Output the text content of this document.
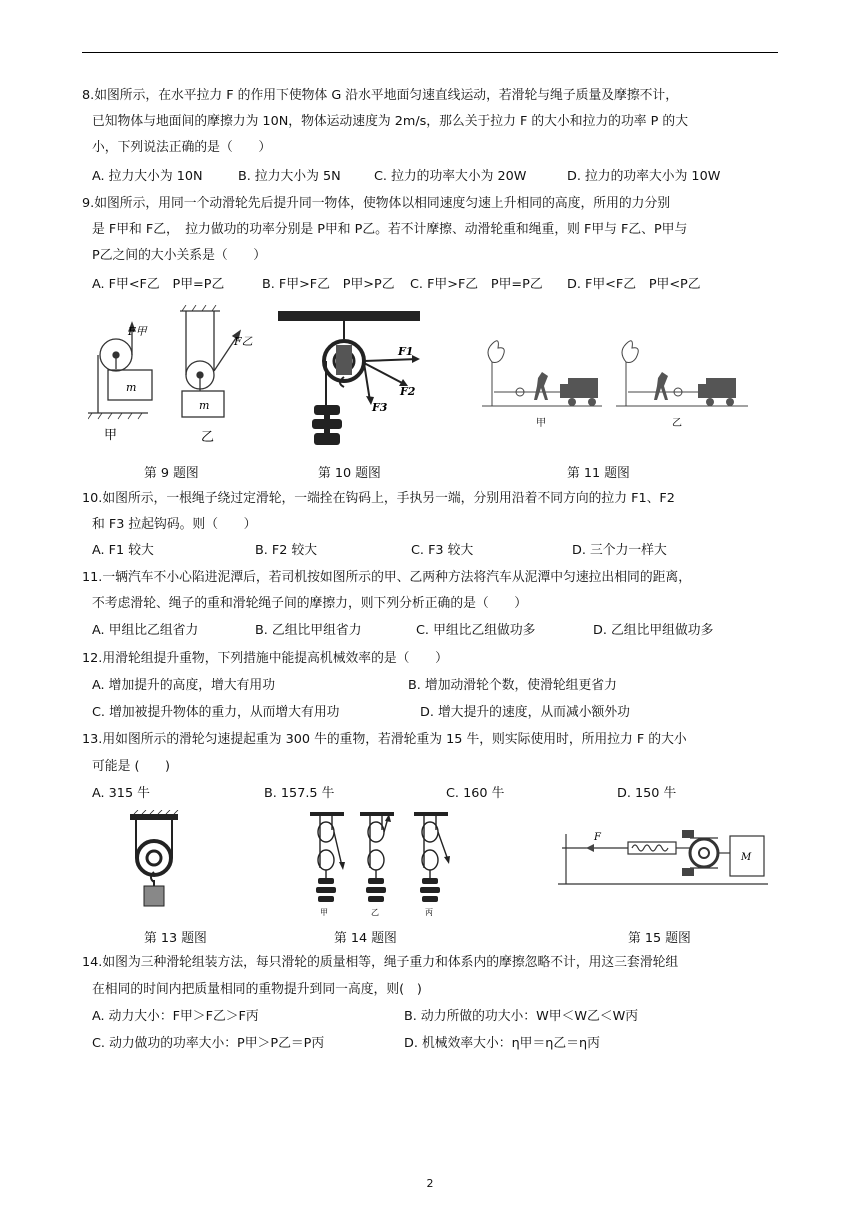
8.如图所示，在水平拉力 F 的作用下使物体 G 沿水平地面匀速直线运动，若滑轮与绳子质量及摩擦不计，
已知物体与地面间的摩擦力为 10N，物体运动速度为 2m/s，那么关于拉力 F 的大小和拉力的功率 P 的大
小，下列说法正确的是（　　）
A. 拉力大小为 10N	B. 拉力大小为 5N	C. 拉力的功率大小为 20W	D. 拉力的功率大小为 10W
9.如图所示，用同一个动滑轮先后提升同一物体，使物体以相同速度匀速上升相同的高度，所用的力分别
是 F甲和 F乙，　拉力做功的功率分别是 P甲和 P乙。若不计摩擦、动滑轮重和绳重，则 F甲与 F乙、P甲与
P乙之间的大小关系是（　　）
A. F甲<F乙　P甲=P乙	B. F甲>F乙　P甲>P乙 C. F甲>F乙　P甲=P乙 D. F甲<F乙　P甲<P乙
F甲
F乙
m
m
甲	乙
F1
F2
F3
甲	乙
第 9 题图	第 10 题图	第 11 题图
10.如图所示，一根绳子绕过定滑轮，一端拴在钩码上，手执另一端，分别用沿着不同方向的拉力 F1、F2
和 F3 拉起钩码。则（　　）
A. F1 较大	B. F2 较大	C. F3 较大	D. 三个力一样大
11.一辆汽车不小心陷进泥潭后，若司机按如图所示的甲、乙两种方法将汽车从泥潭中匀速拉出相同的距离，
不考虑滑轮、绳子的重和滑轮绳子间的摩擦力，则下列分析正确的是（　　）
A. 甲组比乙组省力	B. 乙组比甲组省力	C. 甲组比乙组做功多	D. 乙组比甲组做功多
12.用滑轮组提升重物，下列措施中能提高机械效率的是（　　）
A. 增加提升的高度，增大有用功	B. 增加动滑轮个数，使滑轮组更省力
C. 增加被提升物体的重力，从而增大有用功	D. 增大提升的速度，从而减小额外功
13.用如图所示的滑轮匀速提起重为 300 牛的重物，若滑轮重为 15 牛，则实际使用时，所用拉力 F 的大小
可能是 (　　)
A. 315 牛	B. 157.5 牛	C. 160 牛	D. 150 牛
甲	乙	丙
F
M
第 13 题图	第 14 题图	第 15 题图
14.如图为三种滑轮组装方法，每只滑轮的质量相等，绳子重力和体系内的摩擦忽略不计，用这三套滑轮组
在相同的时间内把质量相同的重物提升到同一高度，则(　)
A. 动力大小：F甲＞F乙＞F丙	B. 动力所做的功大小：W甲＜W乙＜W丙
C. 动力做功的功率大小：P甲＞P乙＝P丙	D. 机械效率大小：η甲＝η乙＝η丙
2
